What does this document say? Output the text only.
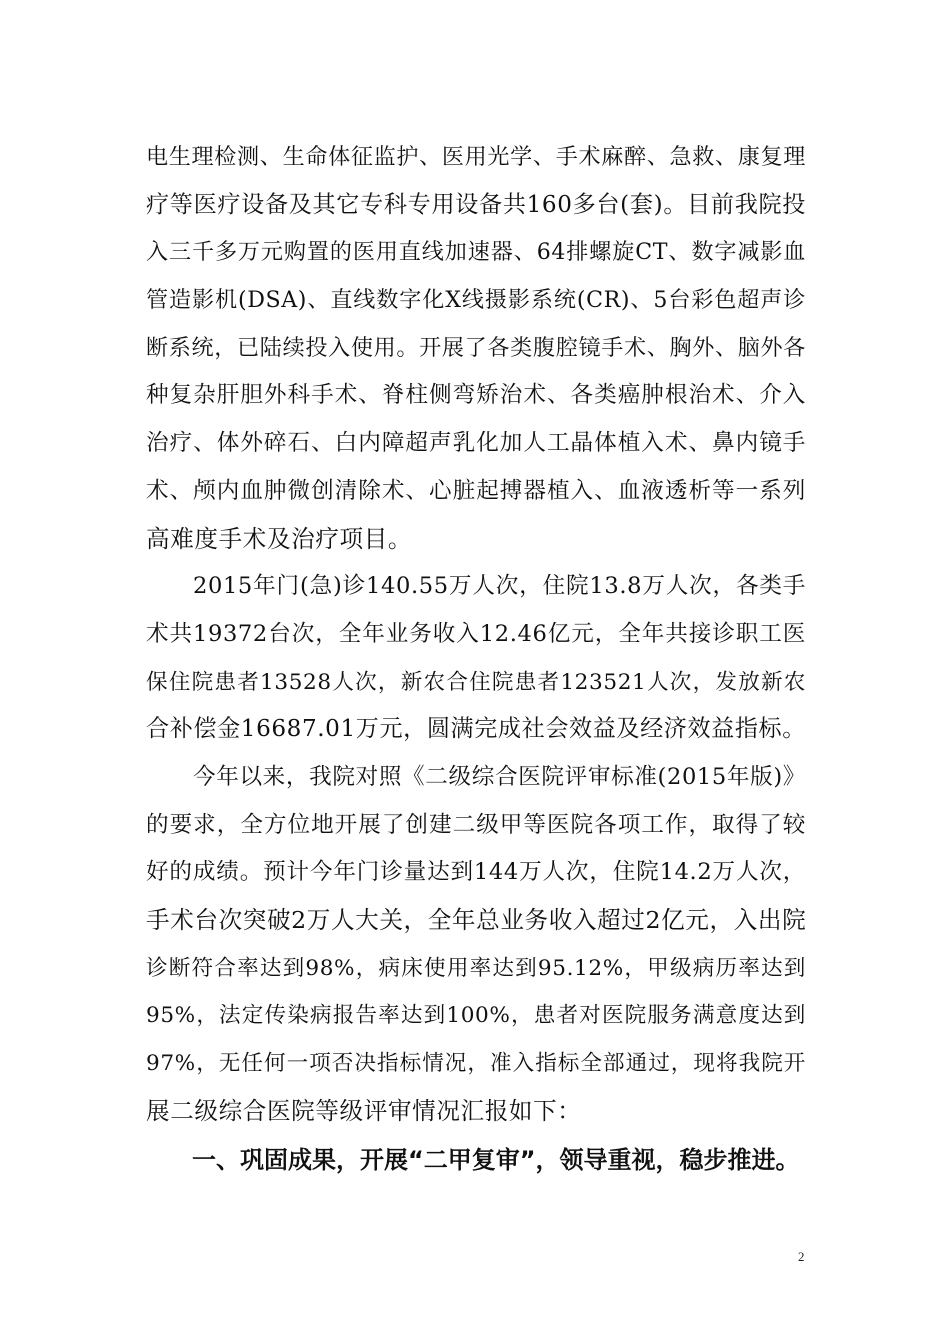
电生理检测、生命体征监护、医用光学、手术麻醉、急救、康复理
疗等医疗设备及其它专科专用设备共160多台(套)。目前我院投
入三千多万元购置的医用直线加速器、64排螺旋CT、数字减影血
管造影机(DSA)、直线数字化X线摄影系统(CR)、5台彩色超声诊
断系统，已陆续投入使用。开展了各类腹腔镜手术、胸外、脑外各
种复杂肝胆外科手术、脊柱侧弯矫治术、各类癌肿根治术、介入
治疗、体外碎石、白内障超声乳化加人工晶体植入术、鼻内镜手
术、颅内血肿微创清除术、心脏起搏器植入、血液透析等一系列
高难度手术及治疗项目。
2015年门(急)诊140.55万人次，住院13.8万人次，各类手
术共19372台次，全年业务收入12.46亿元，全年共接诊职工医
保住院患者13528人次，新农合住院患者123521人次，发放新农
合补偿金16687.01万元，圆满完成社会效益及经济效益指标。
今年以来，我院对照《二级综合医院评审标准(2015年版)》
的要求，全方位地开展了创建二级甲等医院各项工作，取得了较
好的成绩。预计今年门诊量达到144万人次，住院14.2万人次，
手术台次突破2万人大关，全年总业务收入超过2亿元，入出院
诊断符合率达到98%，病床使用率达到95.12%，甲级病历率达到
95%，法定传染病报告率达到100%，患者对医院服务满意度达到
97%，无任何一项否决指标情况，准入指标全部通过，现将我院开
展二级综合医院等级评审情况汇报如下：
一、巩固成果，开展“二甲复审”，领导重视，稳步推进。
2
